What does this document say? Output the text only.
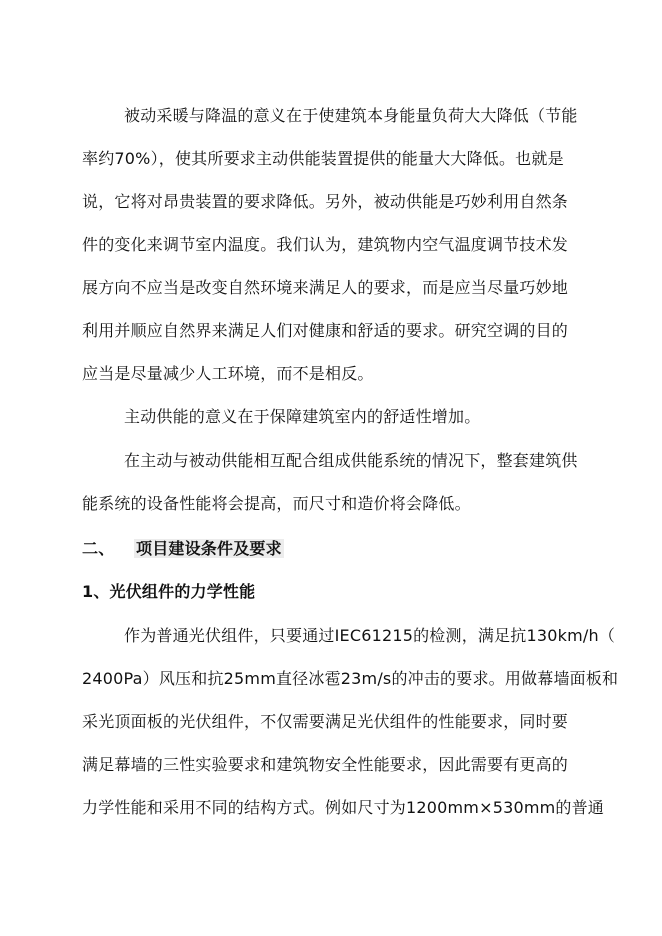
被动采暖与降温的意义在于使建筑本身能量负荷大大降低（节能
率约70%），使其所要求主动供能装置提供的能量大大降低。也就是
说，它将对昂贵装置的要求降低。另外，被动供能是巧妙利用自然条
件的变化来调节室内温度。我们认为，建筑物内空气温度调节技术发
展方向不应当是改变自然环境来满足人的要求，而是应当尽量巧妙地
利用并顺应自然界来满足人们对健康和舒适的要求。研究空调的目的
应当是尽量减少人工环境，而不是相反。
主动供能的意义在于保障建筑室内的舒适性增加。
在主动与被动供能相互配合组成供能系统的情况下，整套建筑供
能系统的设备性能将会提高，而尺寸和造价将会降低。
二、 项目建设条件及要求
1、光伏组件的力学性能
作为普通光伏组件，只要通过IEC61215的检测，满足抗130km/h（
2400Pa）风压和抗25mm直径冰雹23m/s的冲击的要求。用做幕墙面板和
采光顶面板的光伏组件，不仅需要满足光伏组件的性能要求，同时要
满足幕墙的三性实验要求和建筑物安全性能要求，因此需要有更高的
力学性能和采用不同的结构方式。例如尺寸为1200mm×530mm的普通
